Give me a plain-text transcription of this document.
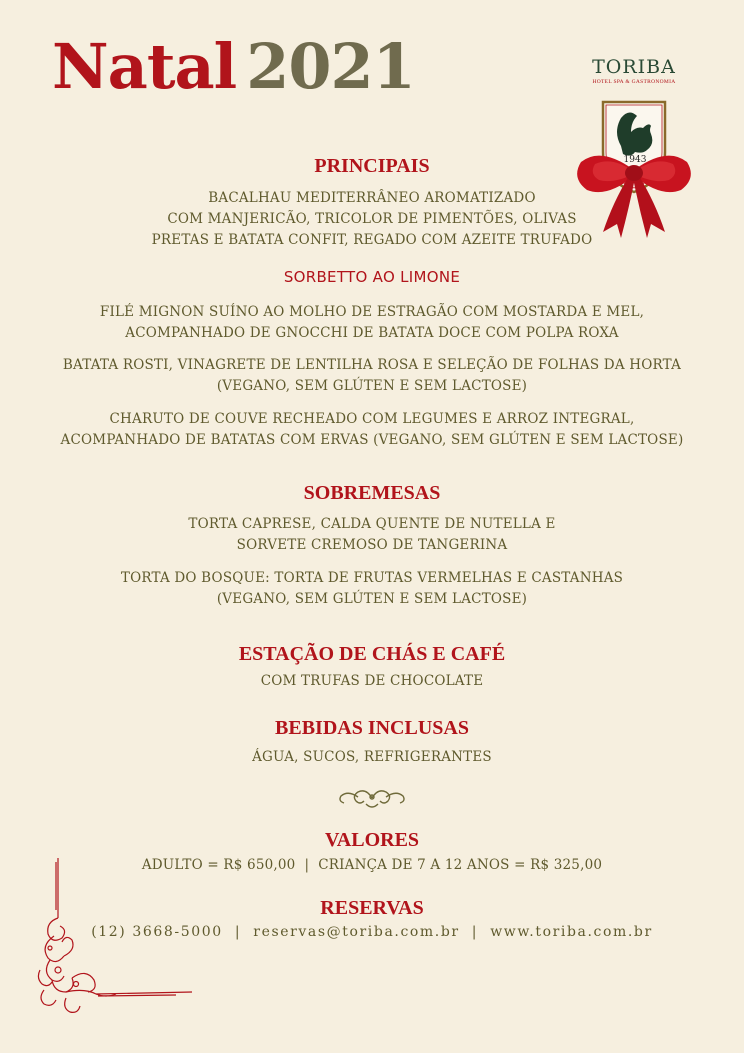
Natal 2021	TORIBA
HOTEL SPA & GASTRONOMIA
1943
PRINCIPAIS
BACALHAU MEDITERRÂNEO AROMATIZADO
COM MANJERICÃO, TRICOLOR DE PIMENTÕES, OLIVAS
PRETAS E BATATA CONFIT, REGADO COM AZEITE TRUFADO
SORBETTO AO LIMONE
FILÉ MIGNON SUÍNO AO MOLHO DE ESTRAGÃO COM MOSTARDA E MEL,
ACOMPANHADO DE GNOCCHI DE BATATA DOCE COM POLPA ROXA
BATATA ROSTI, VINAGRETE DE LENTILHA ROSA E SELEÇÃO DE FOLHAS DA HORTA
(VEGANO, SEM GLÚTEN E SEM LACTOSE)
CHARUTO DE COUVE RECHEADO COM LEGUMES E ARROZ INTEGRAL,
ACOMPANHADO DE BATATAS COM ERVAS (VEGANO, SEM GLÚTEN E SEM LACTOSE)
SOBREMESAS
TORTA CAPRESE, CALDA QUENTE DE NUTELLA E
SORVETE CREMOSO DE TANGERINA
TORTA DO BOSQUE: TORTA DE FRUTAS VERMELHAS E CASTANHAS
(VEGANO, SEM GLÚTEN E SEM LACTOSE)
ESTAÇÃO DE CHÁS E CAFÉ
COM TRUFAS DE CHOCOLATE
BEBIDAS INCLUSAS
ÁGUA, SUCOS, REFRIGERANTES
VALORES
ADULTO = R$ 650,00  |  CRIANÇA DE 7 A 12 ANOS = R$ 325,00
RESERVAS
(12) 3668-5000  |  reservas@toriba.com.br  |  www.toriba.com.br
